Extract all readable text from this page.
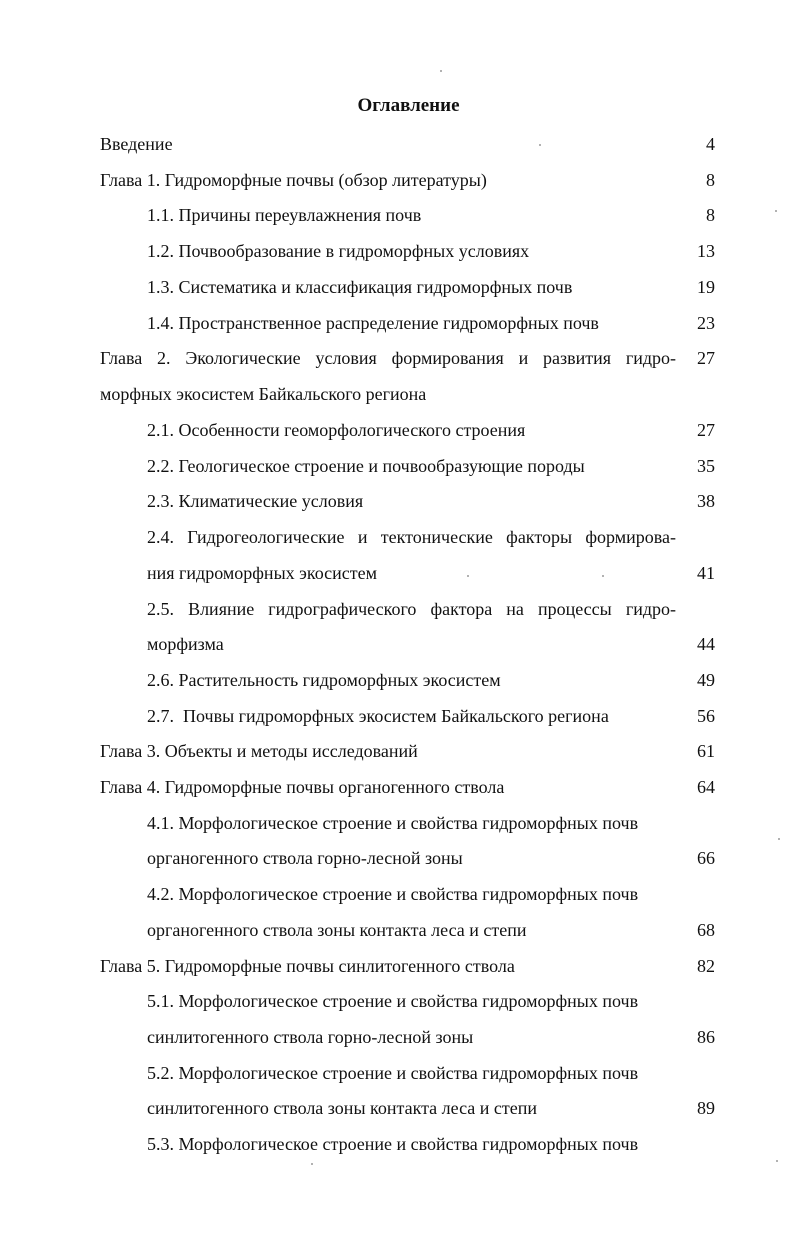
Оглавление
Введение	4
Глава 1. Гидроморфные почвы (обзор литературы)	8
1.1. Причины переувлажнения почв	8
1.2. Почвообразование в гидроморфных условиях	13
1.3. Систематика и классификация гидроморфных почв	19
1.4. Пространственное распределение гидроморфных почв	23
Глава 2. Экологические условия формирования и развития гидро- 27
морфных экосистем Байкальского региона
2.1. Особенности геоморфологического строения	27
2.2. Геологическое строение и почвообразующие породы	35
2.3. Климатические условия	38
2.4. Гидрогеологические и тектонические факторы формирова-
ния гидроморфных экосистем	41
2.5. Влияние гидрографического фактора на процессы гидро-
морфизма	44
2.6. Растительность гидроморфных экосистем	49
2.7.  Почвы гидроморфных экосистем Байкальского региона	56
Глава 3. Объекты и методы исследований	61
Глава 4. Гидроморфные почвы органогенного ствола	64
4.1. Морфологическое строение и свойства гидроморфных почв
органогенного ствола горно-лесной зоны	66
4.2. Морфологическое строение и свойства гидроморфных почв
органогенного ствола зоны контакта леса и степи	68
Глава 5. Гидроморфные почвы синлитогенного ствола	82
5.1. Морфологическое строение и свойства гидроморфных почв
синлитогенного ствола горно-лесной зоны	86
5.2. Морфологическое строение и свойства гидроморфных почв
синлитогенного ствола зоны контакта леса и степи	89
5.3. Морфологическое строение и свойства гидроморфных почв
